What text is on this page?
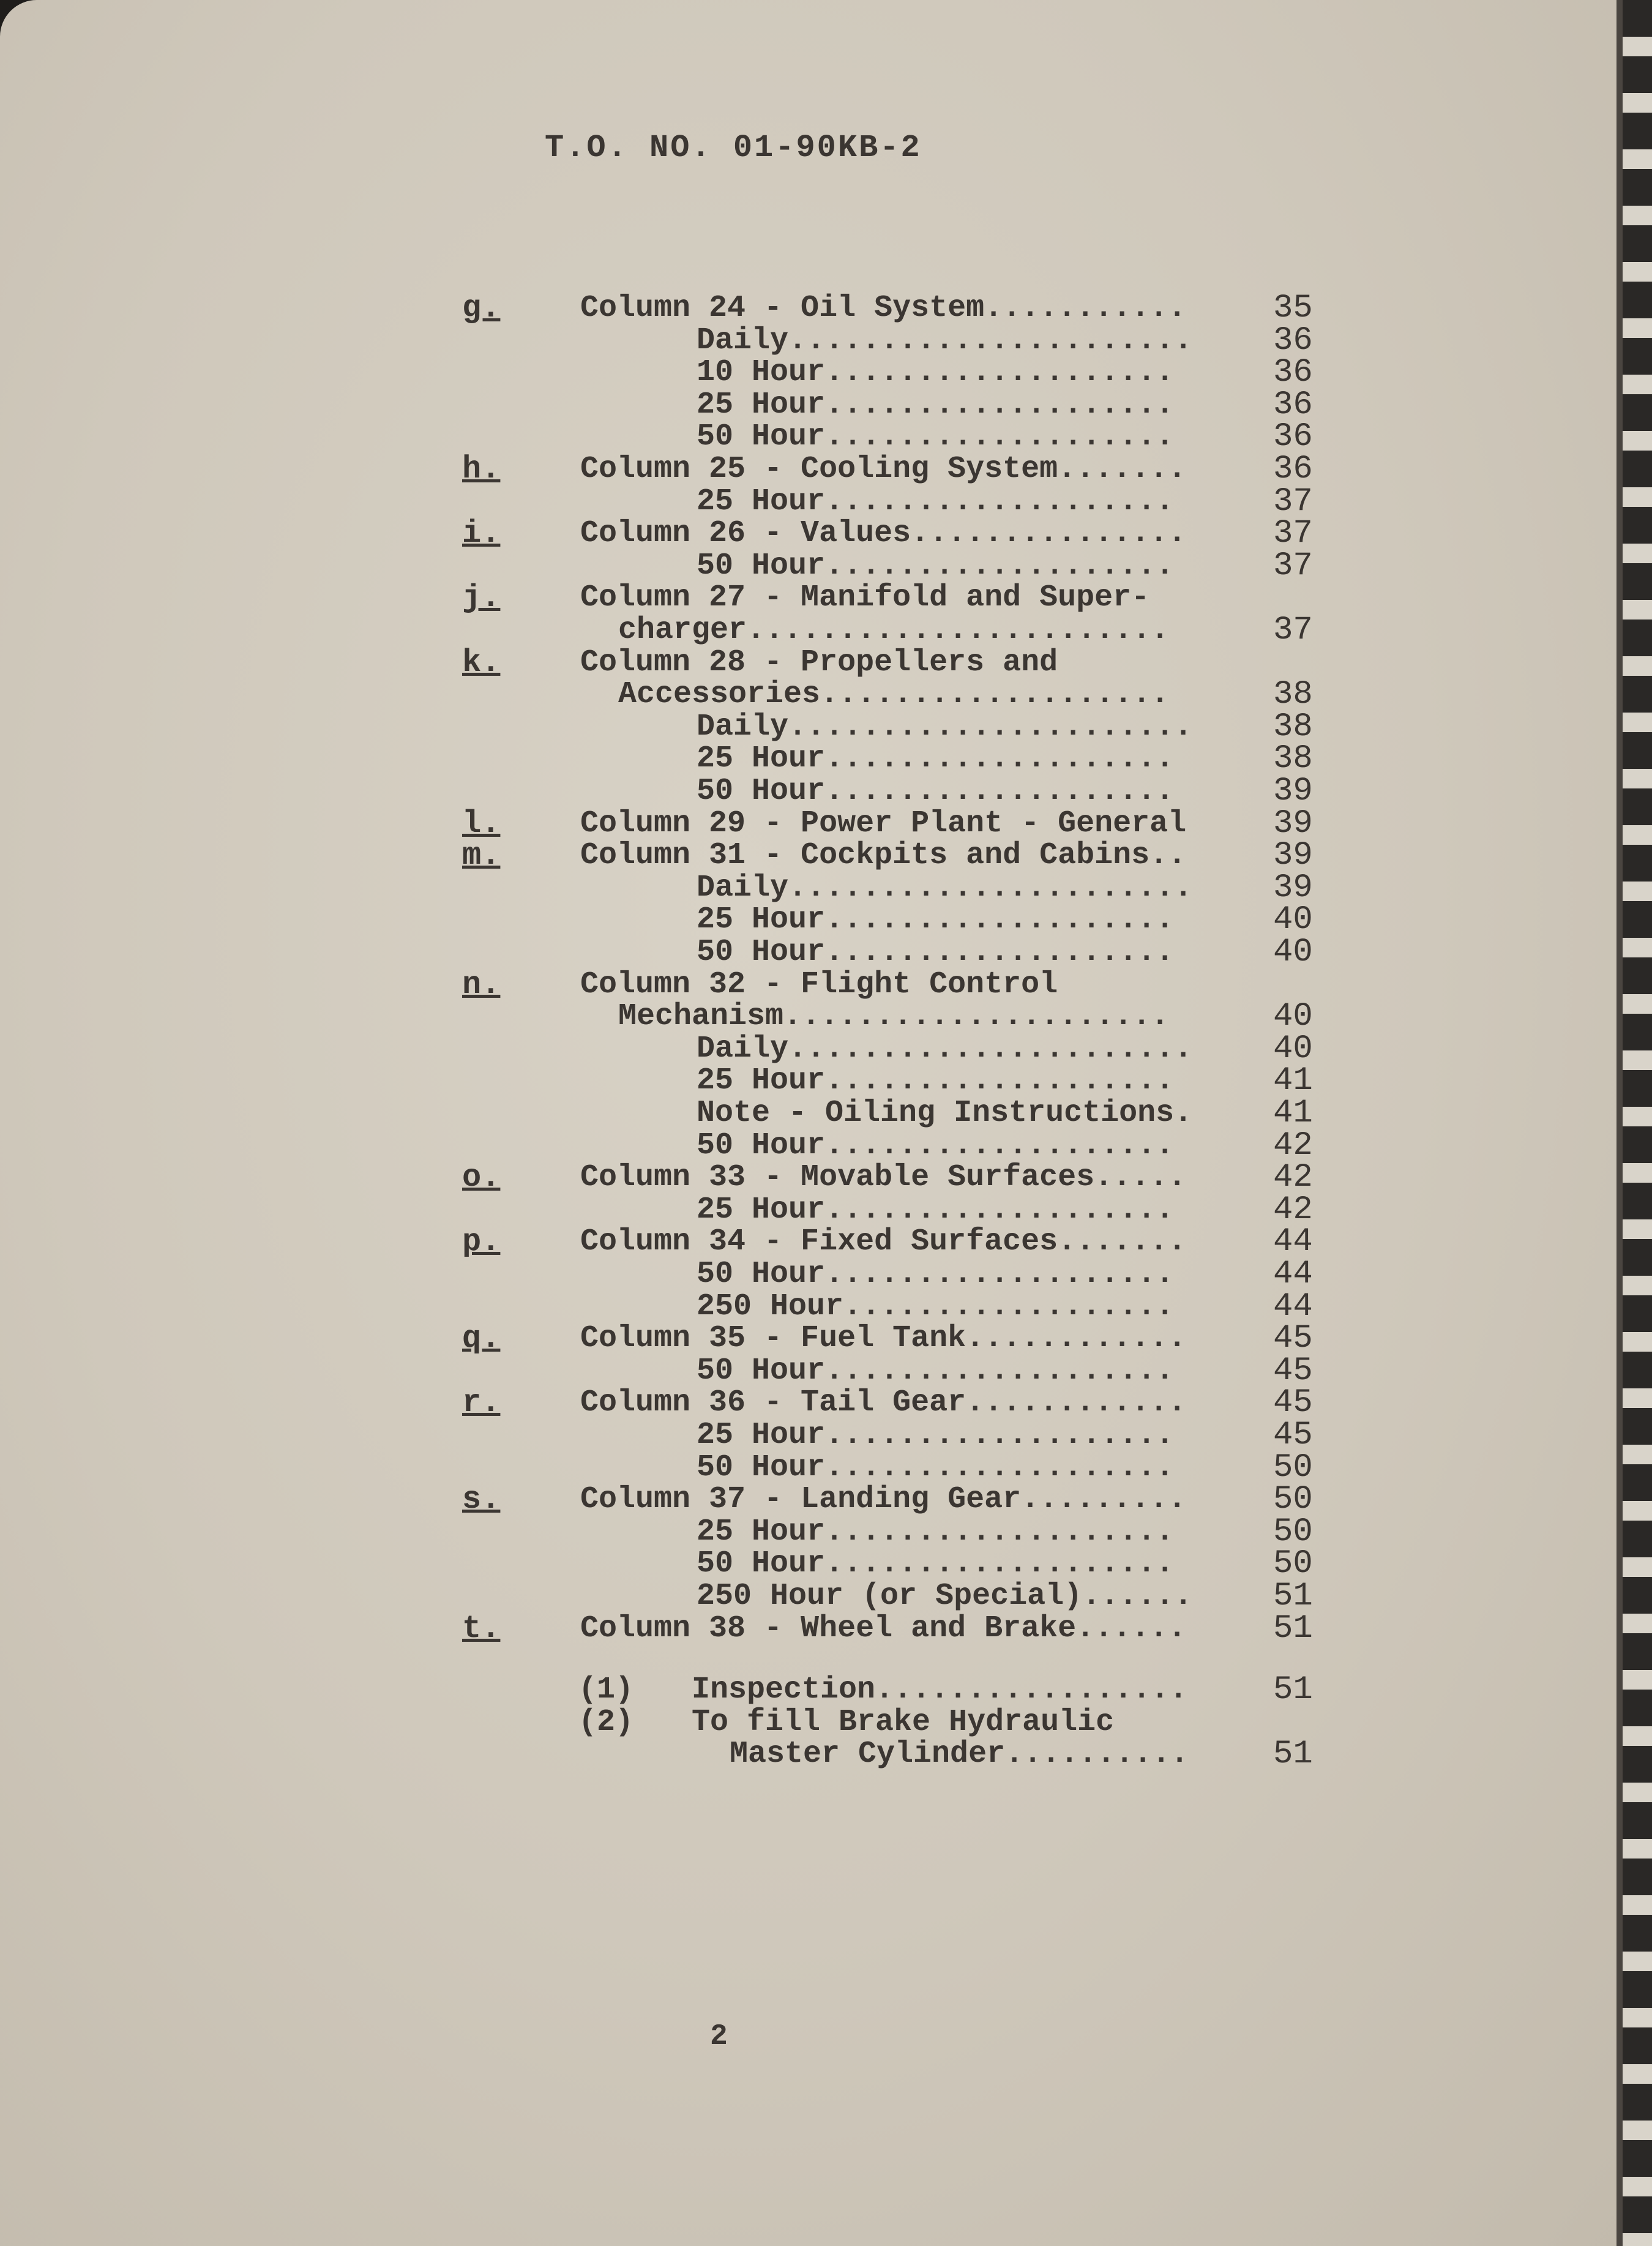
T.O. NO. 01-90KB-2
g.	Column 24 - Oil System...........	35
Daily...................... 36
10 Hour...................	36
25 Hour...................	36
50 Hour...................	36
h.	Column 25 - Cooling System.......	36
25 Hour...................	37
i.	Column 26 - Values...............	37
50 Hour...................	37
j.	Column 27 - Manifold and Super-
charger.......................	37
k.	Column 28 - Propellers and
Accessories...................	38
Daily...................... 38
25 Hour...................	38
50 Hour...................	39
l.	Column 29 - Power Plant - General	39
m.	Column 31 - Cockpits and Cabins..	39
Daily...................... 39
25 Hour...................	40
50 Hour...................	40
n.	Column 32 - Flight Control
Mechanism.....................	40
Daily...................... 40
25 Hour...................	41
Note - Oiling Instructions. 41
50 Hour...................	42
o.	Column 33 - Movable Surfaces.....	42
25 Hour...................	42
p.	Column 34 - Fixed Surfaces.......	44
50 Hour...................	44
250 Hour..................	44
q.	Column 35 - Fuel Tank............	45
50 Hour...................	45
r.	Column 36 - Tail Gear............	45
25 Hour...................	45
50 Hour...................	50
s.	Column 37 - Landing Gear.........	50
25 Hour...................	50
50 Hour...................	50
250 Hour (or Special)...... 51
t.	Column 38 - Wheel and Brake......	51
(1) Inspection.................	51
(2) To fill Brake Hydraulic
Master Cylinder..........	51
2
